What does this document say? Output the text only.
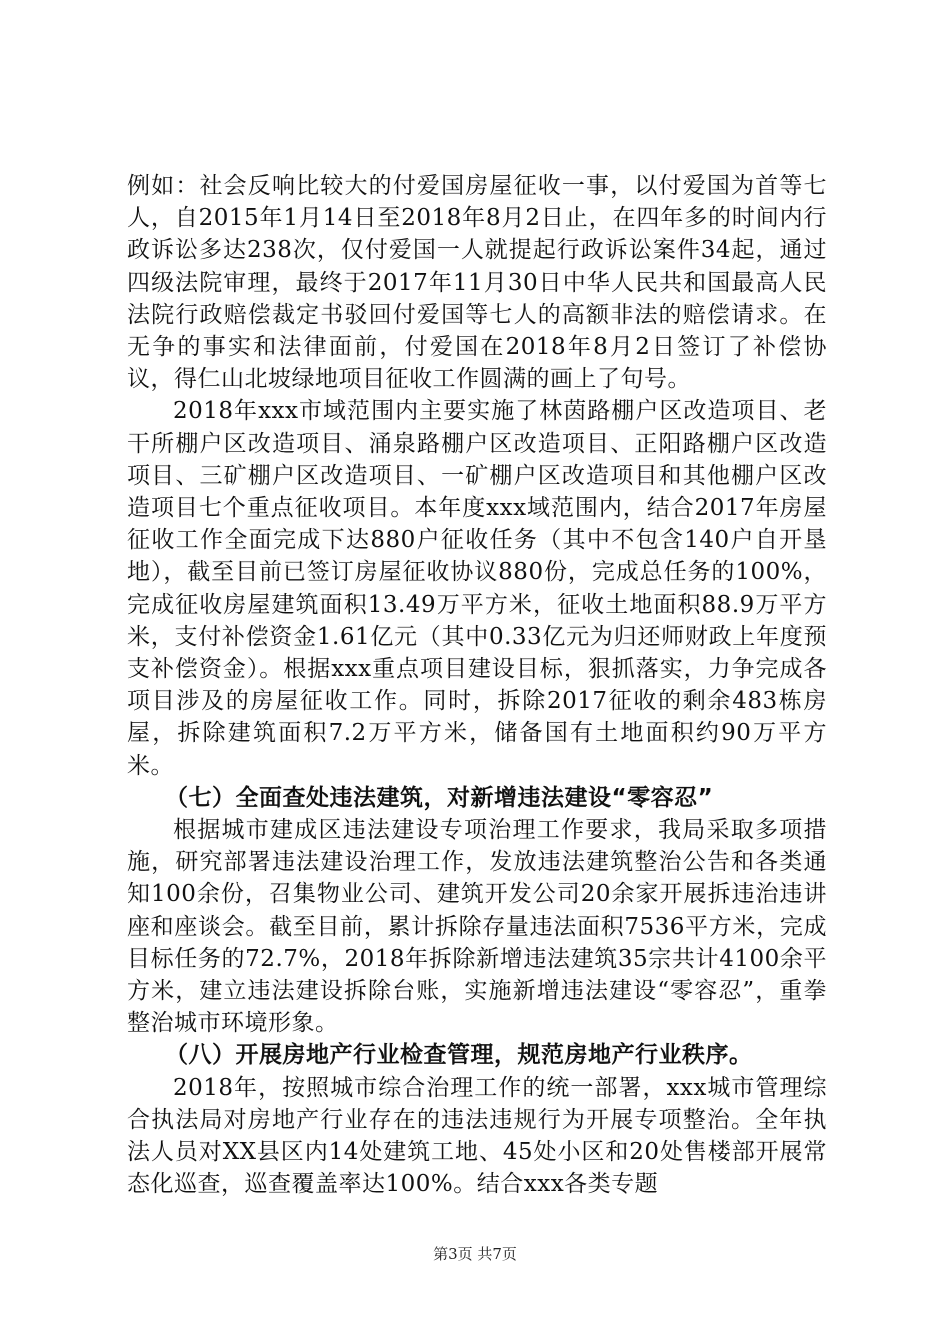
例如：社会反响比较大的付爱国房屋征收一事，以付爱国为首等七人，自2015年1月14日至2018年8月2日止，在四年多的时间内行政诉讼多达238次，仅付爱国一人就提起行政诉讼案件34起，通过四级法院审理，最终于2017年11月30日中华人民共和国最高人民法院行政赔偿裁定书驳回付爱国等七人的高额非法的赔偿请求。在无争的事实和法律面前，付爱国在2018年8月2日签订了补偿协议，得仁山北坡绿地项目征收工作圆满的画上了句号。

2018年xxx市域范围内主要实施了林茵路棚户区改造项目、老干所棚户区改造项目、涌泉路棚户区改造项目、正阳路棚户区改造项目、三矿棚户区改造项目、一矿棚户区改造项目和其他棚户区改造项目七个重点征收项目。本年度xxx域范围内，结合2017年房屋征收工作全面完成下达880户征收任务（其中不包含140户自开垦地），截至目前已签订房屋征收协议880份，完成总任务的100%，完成征收房屋建筑面积13.49万平方米，征收土地面积88.9万平方米，支付补偿资金1.61亿元（其中0.33亿元为归还师财政上年度预支补偿资金）。根据xxx重点项目建设目标，狠抓落实，力争完成各项目涉及的房屋征收工作。同时，拆除2017征收的剩余483栋房屋，拆除建筑面积7.2万平方米，储备国有土地面积约90万平方米。

（七）全面查处违法建筑，对新增违法建设“零容忍”

根据城市建成区违法建设专项治理工作要求，我局采取多项措施，研究部署违法建设治理工作，发放违法建筑整治公告和各类通知100余份，召集物业公司、建筑开发公司20余家开展拆违治违讲座和座谈会。截至目前，累计拆除存量违法面积7536平方米，完成目标任务的72.7%，2018年拆除新增违法建筑35宗共计4100余平方米，建立违法建设拆除台账，实施新增违法建设“零容忍”，重拳整治城市环境形象。

（八）开展房地产行业检查管理，规范房地产行业秩序。

2018年，按照城市综合治理工作的统一部署，xxx城市管理综合执法局对房地产行业存在的违法违规行为开展专项整治。全年执法人员对XX县区内14处建筑工地、45处小区和20处售楼部开展常态化巡查，巡查覆盖率达100%。结合xxx各类专题

第3页 共7页
